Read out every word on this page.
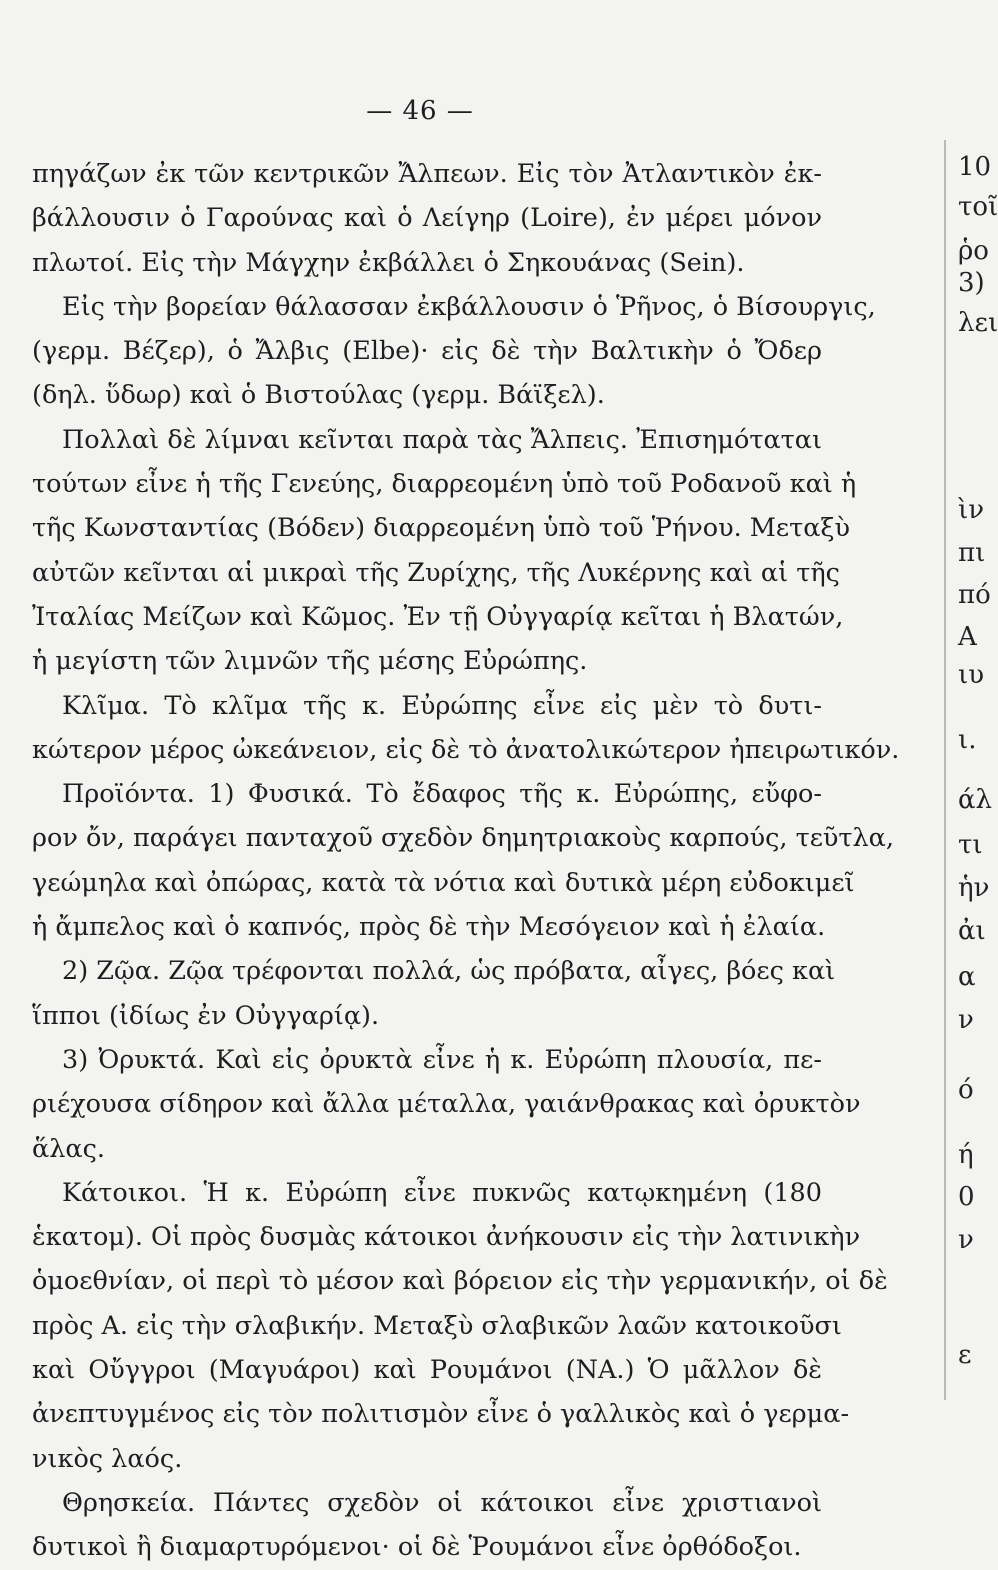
— 46 —
πηγάζων ἐκ τῶν κεντρικῶν Ἄλπεων. Εἰς τὸν Ἀτλαντικὸν ἐκ-
βάλλουσιν ὁ Γαρούνας καὶ ὁ Λείγηρ (Loire), ἐν μέρει μόνον
πλωτοί. Εἰς τὴν Μάγχην ἐκβάλλει ὁ Σηκουάνας (Sein).
Εἰς τὴν βορείαν θάλασσαν ἐκβάλλουσιν ὁ Ῥῆνος, ὁ Βίσουργις,
(γερμ. Βέζερ), ὁ Ἄλβις (Elbe)· εἰς δὲ τὴν Βαλτικὴν ὁ Ὄδερ
(δηλ. ὕδωρ) καὶ ὁ Βιστούλας (γερμ. Βάϊξελ).
Πολλαὶ δὲ λίμναι κεῖνται παρὰ τὰς Ἄλπεις. Ἐπισημόταται
τούτων εἶνε ἡ τῆς Γενεύης, διαρρεομένη ὑπὸ τοῦ Ροδανοῦ καὶ ἡ
τῆς Κωνσταντίας (Βόδεν) διαρρεομένη ὑπὸ τοῦ Ῥήνου. Μεταξὺ
αὐτῶν κεῖνται αἱ μικραὶ τῆς Ζυρίχης, τῆς Λυκέρνης καὶ αἱ τῆς
Ἰταλίας Μείζων καὶ Κῶμος. Ἐν τῇ Οὐγγαρίᾳ κεῖται ἡ Βλατών,
ἡ μεγίστη τῶν λιμνῶν τῆς μέσης Εὐρώπης.
Κλῖμα. Τὸ κλῖμα τῆς κ. Εὐρώπης εἶνε εἰς μὲν τὸ δυτι-
κώτερον μέρος ὠκεάνειον, εἰς δὲ τὸ ἀνατολικώτερον ἠπειρωτικόν.
Προϊόντα. 1) Φυσικά. Τὸ ἔδαφος τῆς κ. Εὐρώπης, εὔφο-
ρον ὄν, παράγει πανταχοῦ σχεδὸν δημητριακοὺς καρπούς, τεῦτλα,
γεώμηλα καὶ ὀπώρας, κατὰ τὰ νότια καὶ δυτικὰ μέρη εὐδοκιμεῖ
ἡ ἄμπελος καὶ ὁ καπνός, πρὸς δὲ τὴν Μεσόγειον καὶ ἡ ἐλαία.
2) Ζῷα. Ζῷα τρέφονται πολλά, ὡς πρόβατα, αἶγες, βόες καὶ
ἵπποι (ἰδίως ἐν Οὐγγαρίᾳ).
3) Ὀρυκτά. Καὶ εἰς ὀρυκτὰ εἶνε ἡ κ. Εὐρώπη πλουσία, πε-
ριέχουσα σίδηρον καὶ ἄλλα μέταλλα, γαιάνθρακας καὶ ὀρυκτὸν
ἅλας.
Κάτοικοι. Ἡ κ. Εὐρώπη εἶνε πυκνῶς κατῳκημένη (180
ἑκατομ). Οἱ πρὸς δυσμὰς κάτοικοι ἀνήκουσιν εἰς τὴν λατινικὴν
ὁμοεθνίαν, οἱ περὶ τὸ μέσον καὶ βόρειον εἰς τὴν γερμανικήν, οἱ δὲ
πρὸς Α. εἰς τὴν σλαβικήν. Μεταξὺ σλαβικῶν λαῶν κατοικοῦσι
καὶ Οὔγγροι (Μαγυάροι) καὶ Ρουμάνοι (ΝΑ.) Ὁ μᾶλλον δὲ
ἀνεπτυγμένος εἰς τὸν πολιτισμὸν εἶνε ὁ γαλλικὸς καὶ ὁ γερμα-
νικὸς λαός.
Θρησκεία. Πάντες σχεδὸν οἱ κάτοικοι εἶνε χριστιανοὶ
δυτικοὶ ἢ διαμαρτυρόμενοι· οἱ δὲ Ῥουμάνοι εἶνε ὀρθόδοξοι.
10
τοῖ
ῥο
3)
λει
ὶν
πι
πό
Α
ιυ
ι.
άλ
τι
ἡν
ἀι
α
ν
ό
ή
0
ν
ε
